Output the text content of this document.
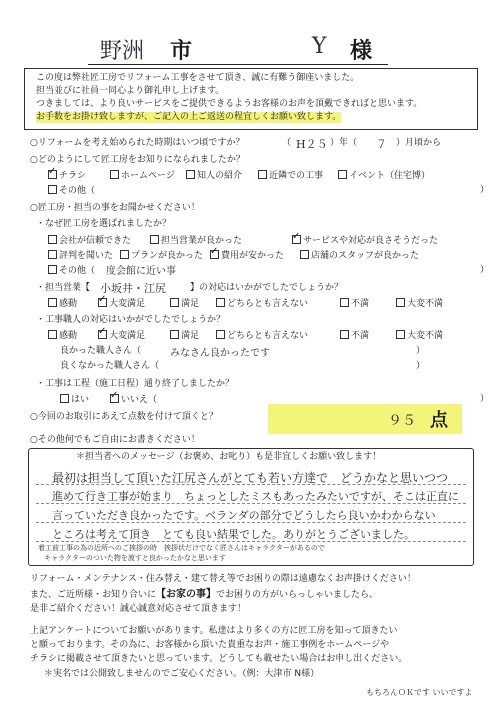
野洲 市	Y 様
この度は弊社匠工房でリフォーム工事をさせて頂き、誠に有難う御座いました。
担当並びに社員一同心より御礼申し上げます。
つきましては、より良いサービスをご提供できるようお客様のお声を頂戴できればと思います。
お手数をお掛け致しますが、ご記入の上ご返送の程宜しくお願い致します。
○リフォームを考え始められた時期はいつ頃ですか？	（ H２５ ）年（ ７ ）月頃から
○どのようにして匠工房をお知りになられましたか？
✓チラシ	ホームページ	知人の紹介	近隣での工事	イベント（住宅博）
その他（	）
○匠工房・担当の事をお聞かせください！
・なぜ匠工房を選ばれましたか？
会社が信頼できた	担当営業が良かった ✓	サービスや対応が良さそうだった
評判を聞いた	プランが良かった ✓	費用が安かった	店舗のスタッフが良かった
その他（ 度会館に近い事	）
・担当営業【 小坂井・江尻	】の対応はいかがでしたでしょうか？
感動 ✓	大変満足	満足	どちらとも言えない	不満	大変不満
・工事職人の対応はいかがでしたでしょうか？
感動 ✓	大変満足	満足	どちらとも言えない	不満	大変不満
良かった職人さん（	みなさん良かったです	）
良くなかった職人さん（	）
・工事は工程（施工日程）通り終了しましたか？
はい ✓	いいえ（	）
○今回のお取引にあえて点数を付けて頂くと？	９５ 点
○その他何でもご自由にお書きください！
＊担当者へのメッセージ（お褒め、お叱り）も是非宜しくお願い致します！
最初は担当して頂いた江尻さんがとても若い方達で　どうかなと思いつつ
進めて行き工事が始まり　ちょっとしたミスもあったみたいですが、そこは正直に
言っていただき良かったです。ベランダの部分でどうしたら良いかわからない
ところは考えて頂き　とても良い結果でした。ありがとうございました。
着工前工事の為の近所へのご挨拶の時　挨拶状だけでなく匠さんはキャラクターがあるので
キャラクターのついた物を渡すと良かったかなと思います
リフォーム・メンテナンス・住み替え・建て替え等でお困りの際は遠慮なくお声掛けください！
また、ご近所様・お知り合いに【お家の事】でお困りの方がいらっしゃいましたら、
是非ご紹介ください！誠心誠意対応させて頂きます！
上記アンケートについてお願いがあります。私達はより多くの方に匠工房を知って頂きたい
と願っております。その為に、お客様から頂いた貴重なお声・施工事例をホームページや
チラシに掲載させて頂きたいと思っています。どうしても載せたい場合はお申し出ください。
＊実名では公開致しませんのでご安心ください。（例：大津市 N様）
もちろんＯＫです いいですよ
